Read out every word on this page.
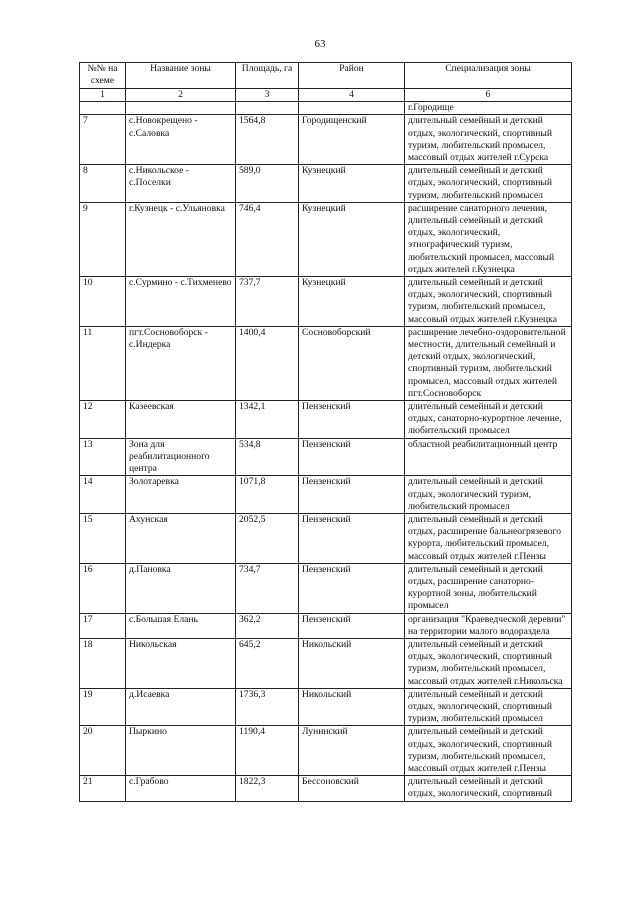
63
№№ на схеме	Название зоны	Площадь, га	Район	Специализация зоны
1	2	3	4	6
				г.Городище
7	с.Новокрещено - с.Саловка	1564,8	Городищенский	длительный семейный и детский отдых, экологический, спортивный туризм, любительский промысел, массовый отдых жителей г.Сурска
8	с.Никольское - с.Поселки	589,0	Кузнецкий	длительный семейный и детский отдых, экологический, спортивный туризм, любительский промысел
9	г.Кузнецк - с.Ульяновка	746,4	Кузнецкий	расширение санаторного лечения, длительный семейный и детский отдых, экологический, этнографический туризм, любительский промысел, массовый отдых жителей г.Кузнецка
10	с.Сурмино - с.Тихменево	737,7	Кузнецкий	длительный семейный и детский отдых, экологический, спортивный туризм, любительский промысел, массовый отдых жителей г.Кузнецка
11	пгт.Сосновоборск - с.Индерка	1400,4	Сосновоборский	расширение лечебно-оздоровительной местности, длительный семейный и детский отдых, экологический, спортивный туризм, любительский промысел, массовый отдых жителей пгт.Сосновоборск
12	Казеевская	1342,1	Пензенский	длительный семейный и детский отдых, санаторно-курортное лечение, любительский промысел
13	Зона для реабилитационного центра	534,8	Пензенский	областной реабилитационный центр
14	Золотаревка	1071,8	Пензенский	длительный семейный и детский отдых, экологический туризм, любительский промысел
15	Ахунская	2052,5	Пензенский	длительный семейный и детский отдых, расширение бальнеогрязевого курорта, любительский промысел, массовый отдых жителей г.Пензы
16	д.Пановка	734,7	Пензенский	длительный семейный и детский отдых, расширение санаторно-курортной зоны, любительский промысел
17	с.Большая Елань	362,2	Пензенский	организация "Краеведческой деревни" на территории малого водораздела
18	Никольская	645,2	Никольский	длительный семейный и детский отдых, экологический, спортивный туризм, любительский промысел, массовый отдых жителей г.Никольска
19	д.Исаевка	1736,3	Никольский	длительный семейный и детский отдых, экологический, спортивный туризм, любительский промысел
20	Пыркино	1190,4	Лунинский	длительный семейный и детский отдых, экологический, спортивный туризм, любительский промысел, массовый отдых жителей г.Пензы
21	с.Грабово	1822,3	Бессоновский	длительный семейный и детский отдых, экологический, спортивный
